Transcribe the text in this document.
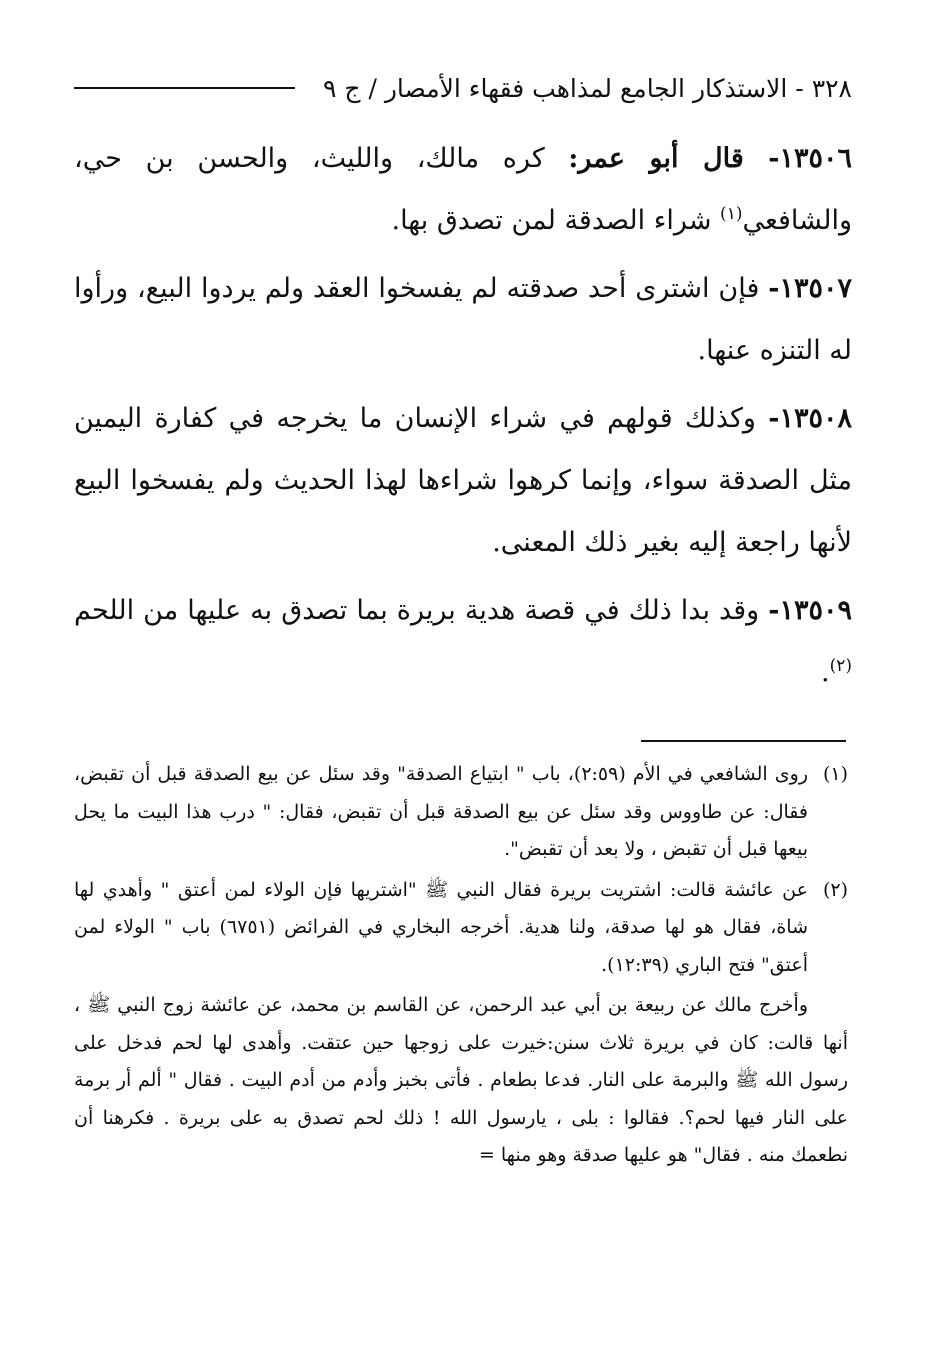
٣٢٨ - الاستذكار الجامع لمذاهب فقهاء الأمصار / ج ٩

١٣٥٠٦- قال أبو عمر: كره مالك، والليث، والحسن بن حي، والشافعي$^{(١)}$ شراء الصدقة لمن تصدق بها.

١٣٥٠٧- فإن اشترى أحد صدقته لم يفسخوا العقد ولم يردوا البيع، ورأوا له التنزه عنها.

١٣٥٠٨- وكذلك قولهم في شراء الإنسان ما يخرجه في كفارة اليمين مثل الصدقة سواء، وإنما كرهوا شراءها لهذا الحديث ولم يفسخوا البيع لأنها راجعة إليه بغير ذلك المعنى.

١٣٥٠٩- وقد بدا ذلك في قصة هدية بريرة بما تصدق به عليها من اللحم $^{(٢)}$.

(١)
روى الشافعي في الأم (٢:٥٩)، باب " ابتياع الصدقة" وقد سئل عن بيع الصدقة قبل أن تقبض، فقال: عن طاووس وقد سئل عن بيع الصدقة قبل أن تقبض، فقال: " درب هذا البيت ما يحل بيعها قبل أن تقبض ، ولا بعد أن تقبض".

(٢)
عن عائشة قالت: اشتريت بريرة فقال النبي ﷺ "اشتريها فإن الولاء لمن أعتق " وأهدي لها شاة، فقال هو لها صدقة، ولنا هدية. أخرجه البخاري في الفرائض (٦٧٥١) باب " الولاء لمن أعتق" فتح الباري (١٢:٣٩).

وأخرج مالك عن ربيعة بن أبي عبد الرحمن، عن القاسم بن محمد، عن عائشة زوج النبي ﷺ ، أنها قالت: كان في بريرة ثلاث سنن:خيرت على زوجها حين عتقت. وأهدى لها لحم فدخل على رسول الله ﷺ والبرمة على النار. فدعا بطعام . فأتى بخبز وأدم من أدم البيت . فقال " ألم أر برمة على النار فيها لحم؟. فقالوا : بلى ، يارسول الله ! ذلك لحم تصدق به على بريرة . فكرهنا أن نطعمك منه . فقال" هو عليها صدقة وهو منها =
